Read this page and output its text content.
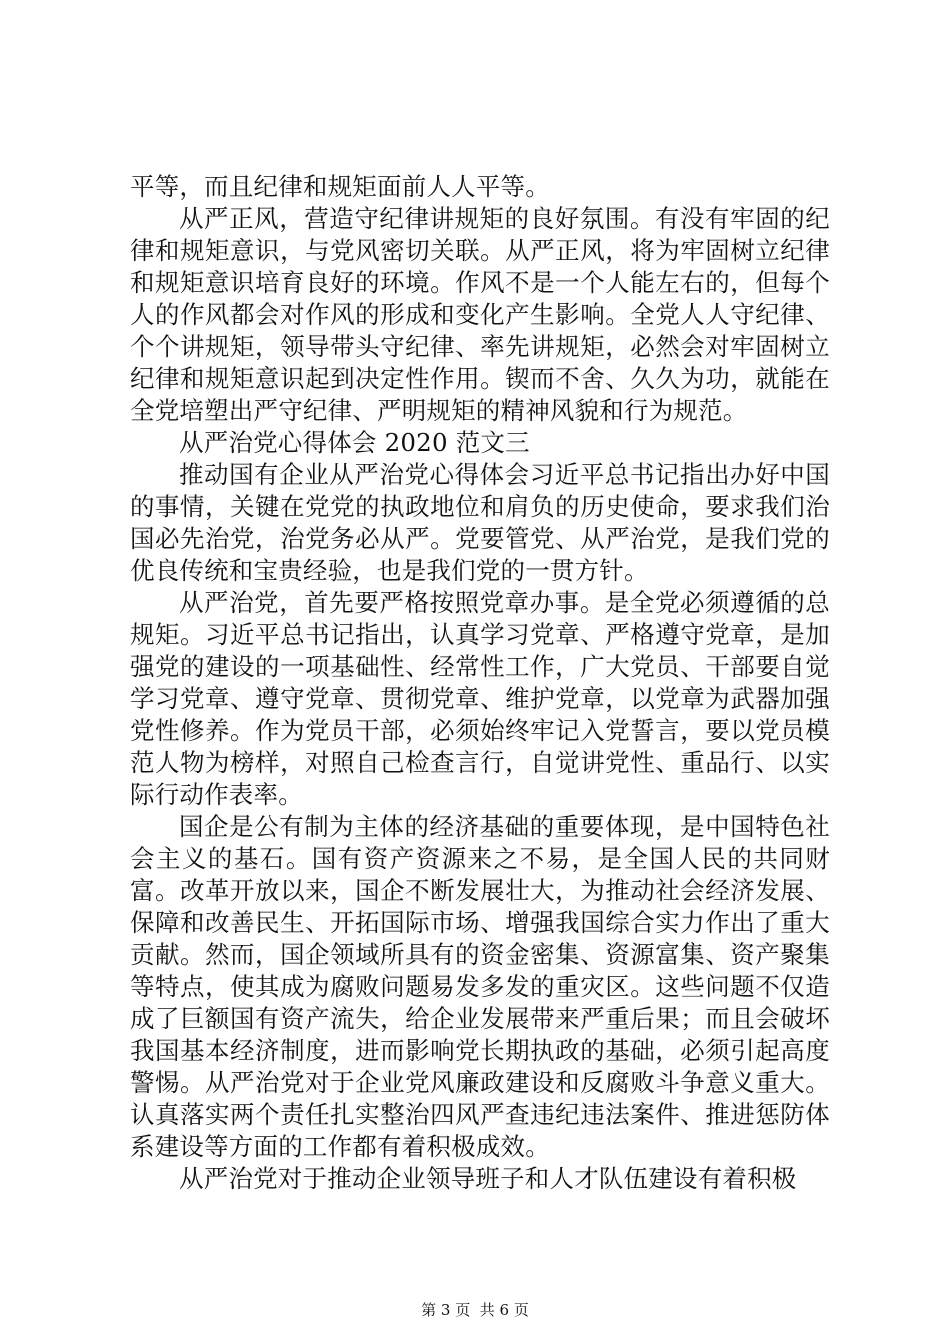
平等，而且纪律和规矩面前人人平等。

从严正风，营造守纪律讲规矩的良好氛围。有没有牢固的纪律和规矩意识，与党风密切关联。从严正风，将为牢固树立纪律和规矩意识培育良好的环境。作风不是一个人能左右的，但每个人的作风都会对作风的形成和变化产生影响。全党人人守纪律、个个讲规矩，领导带头守纪律、率先讲规矩，必然会对牢固树立纪律和规矩意识起到决定性作用。锲而不舍、久久为功，就能在全党培塑出严守纪律、严明规矩的精神风貌和行为规范。

从严治党心得体会 2020 范文三

推动国有企业从严治党心得体会习近平总书记指出办好中国的事情，关键在党党的执政地位和肩负的历史使命，要求我们治国必先治党，治党务必从严。党要管党、从严治党，是我们党的优良传统和宝贵经验，也是我们党的一贯方针。

从严治党，首先要严格按照党章办事。是全党必须遵循的总规矩。习近平总书记指出，认真学习党章、严格遵守党章，是加强党的建设的一项基础性、经常性工作，广大党员、干部要自觉学习党章、遵守党章、贯彻党章、维护党章，以党章为武器加强党性修养。作为党员干部，必须始终牢记入党誓言，要以党员模范人物为榜样，对照自己检查言行，自觉讲党性、重品行、以实际行动作表率。

国企是公有制为主体的经济基础的重要体现，是中国特色社会主义的基石。国有资产资源来之不易，是全国人民的共同财富。改革开放以来，国企不断发展壮大，为推动社会经济发展、保障和改善民生、开拓国际市场、增强我国综合实力作出了重大贡献。然而，国企领域所具有的资金密集、资源富集、资产聚集等特点，使其成为腐败问题易发多发的重灾区。这些问题不仅造成了巨额国有资产流失，给企业发展带来严重后果；而且会破坏我国基本经济制度，进而影响党长期执政的基础，必须引起高度警惕。从严治党对于企业党风廉政建设和反腐败斗争意义重大。认真落实两个责任扎实整治四风严查违纪违法案件、推进惩防体系建设等方面的工作都有着积极成效。

从严治党对于推动企业领导班子和人才队伍建设有着积极

第 3 页  共 6 页
